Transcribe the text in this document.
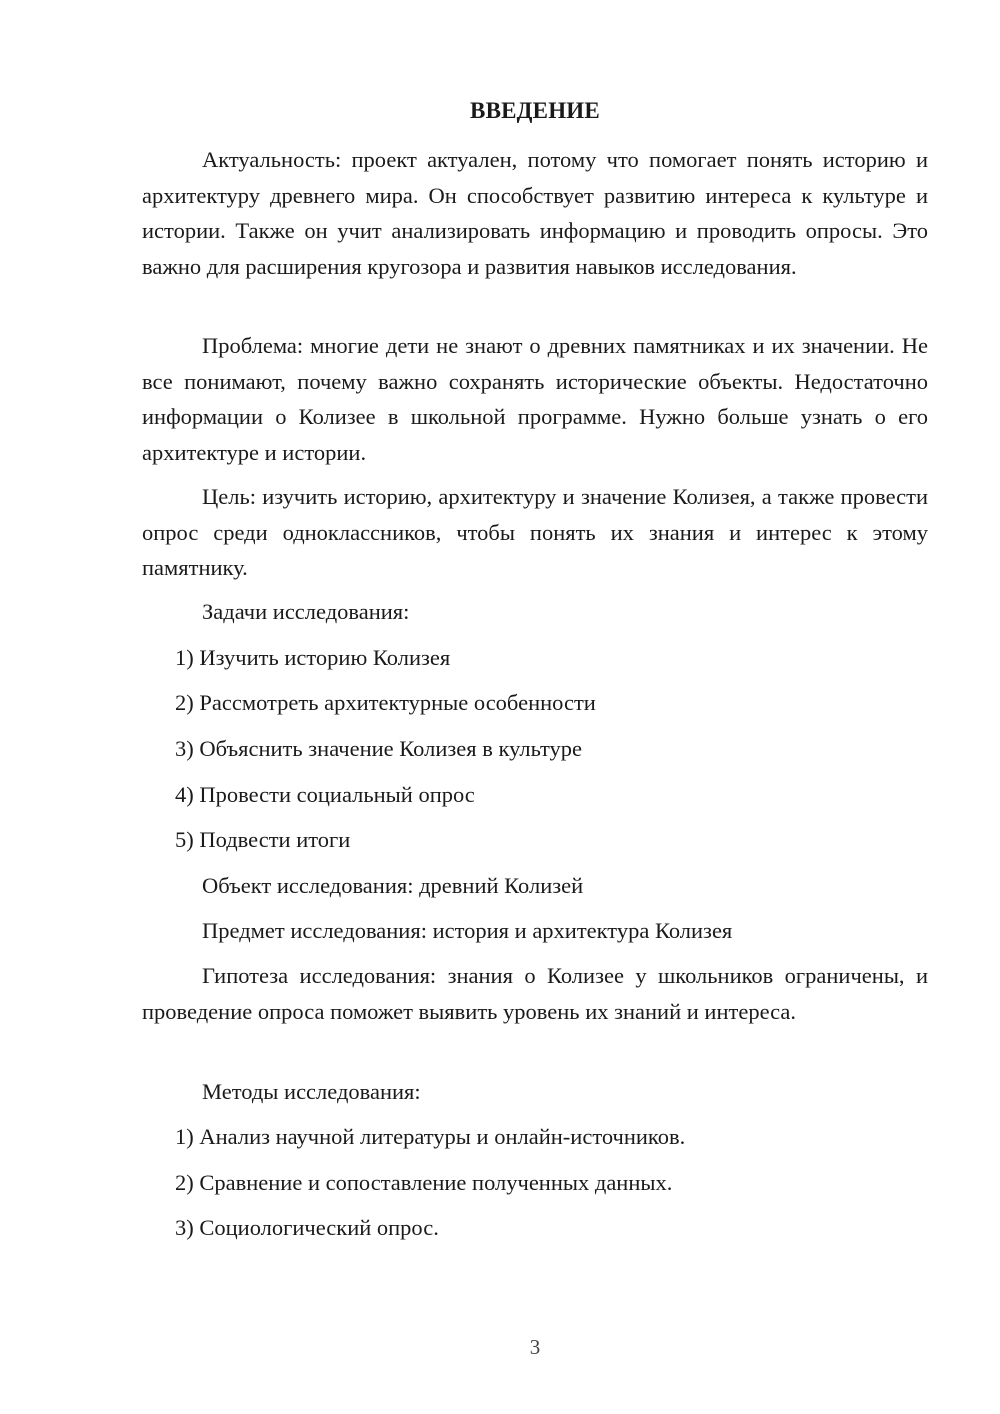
ВВЕДЕНИЕ

Актуальность: проект актуален, потому что помогает понять историю и архитектуру древнего мира. Он способствует развитию интереса к культуре и истории. Также он учит анализировать информацию и проводить опросы. Это важно для расширения кругозора и развития навыков исследования.

Проблема: многие дети не знают о древних памятниках и их значении. Не все понимают, почему важно сохранять исторические объекты. Недостаточно информации о Колизее в школьной программе. Нужно больше узнать о его архитектуре и истории.

Цель: изучить историю, архитектуру и значение Колизея, а также провести опрос среди одноклассников, чтобы понять их знания и интерес к этому памятнику.

Задачи исследования:
1) Изучить историю Колизея
2) Рассмотреть архитектурные особенности
3) Объяснить значение Колизея в культуре
4) Провести социальный опрос
5) Подвести итоги
Объект исследования: древний Колизей
Предмет исследования: история и архитектура Колизея

Гипотеза исследования: знания о Колизее у школьников ограничены, и проведение опроса поможет выявить уровень их знаний и интереса.

Методы исследования:
1) Анализ научной литературы и онлайн-источников.
2) Сравнение и сопоставление полученных данных.
3) Социологический опрос.
3
